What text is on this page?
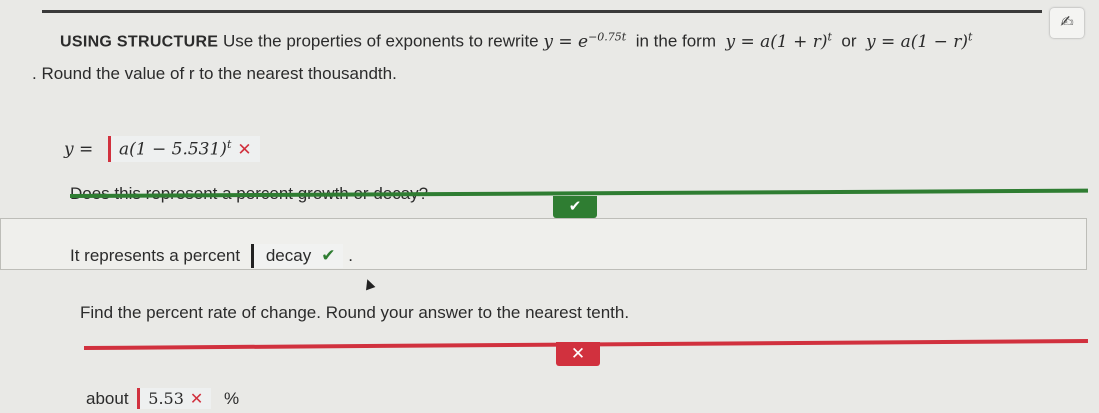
USING STRUCTURE Use the properties of exponents to rewrite $y = e^{-0.75t}$ in the form $y = a(1 + r)^t$ or $y = a(1 - r)^t$
✍
. Round the value of r to the nearest thousandth.
$y = a(1 - 5.531)^t$ ✕
✔
It represents a percent decay ✔ .
Find the percent rate of change. Round your answer to the nearest tenth.
✕
about 5.53 ✕ %
